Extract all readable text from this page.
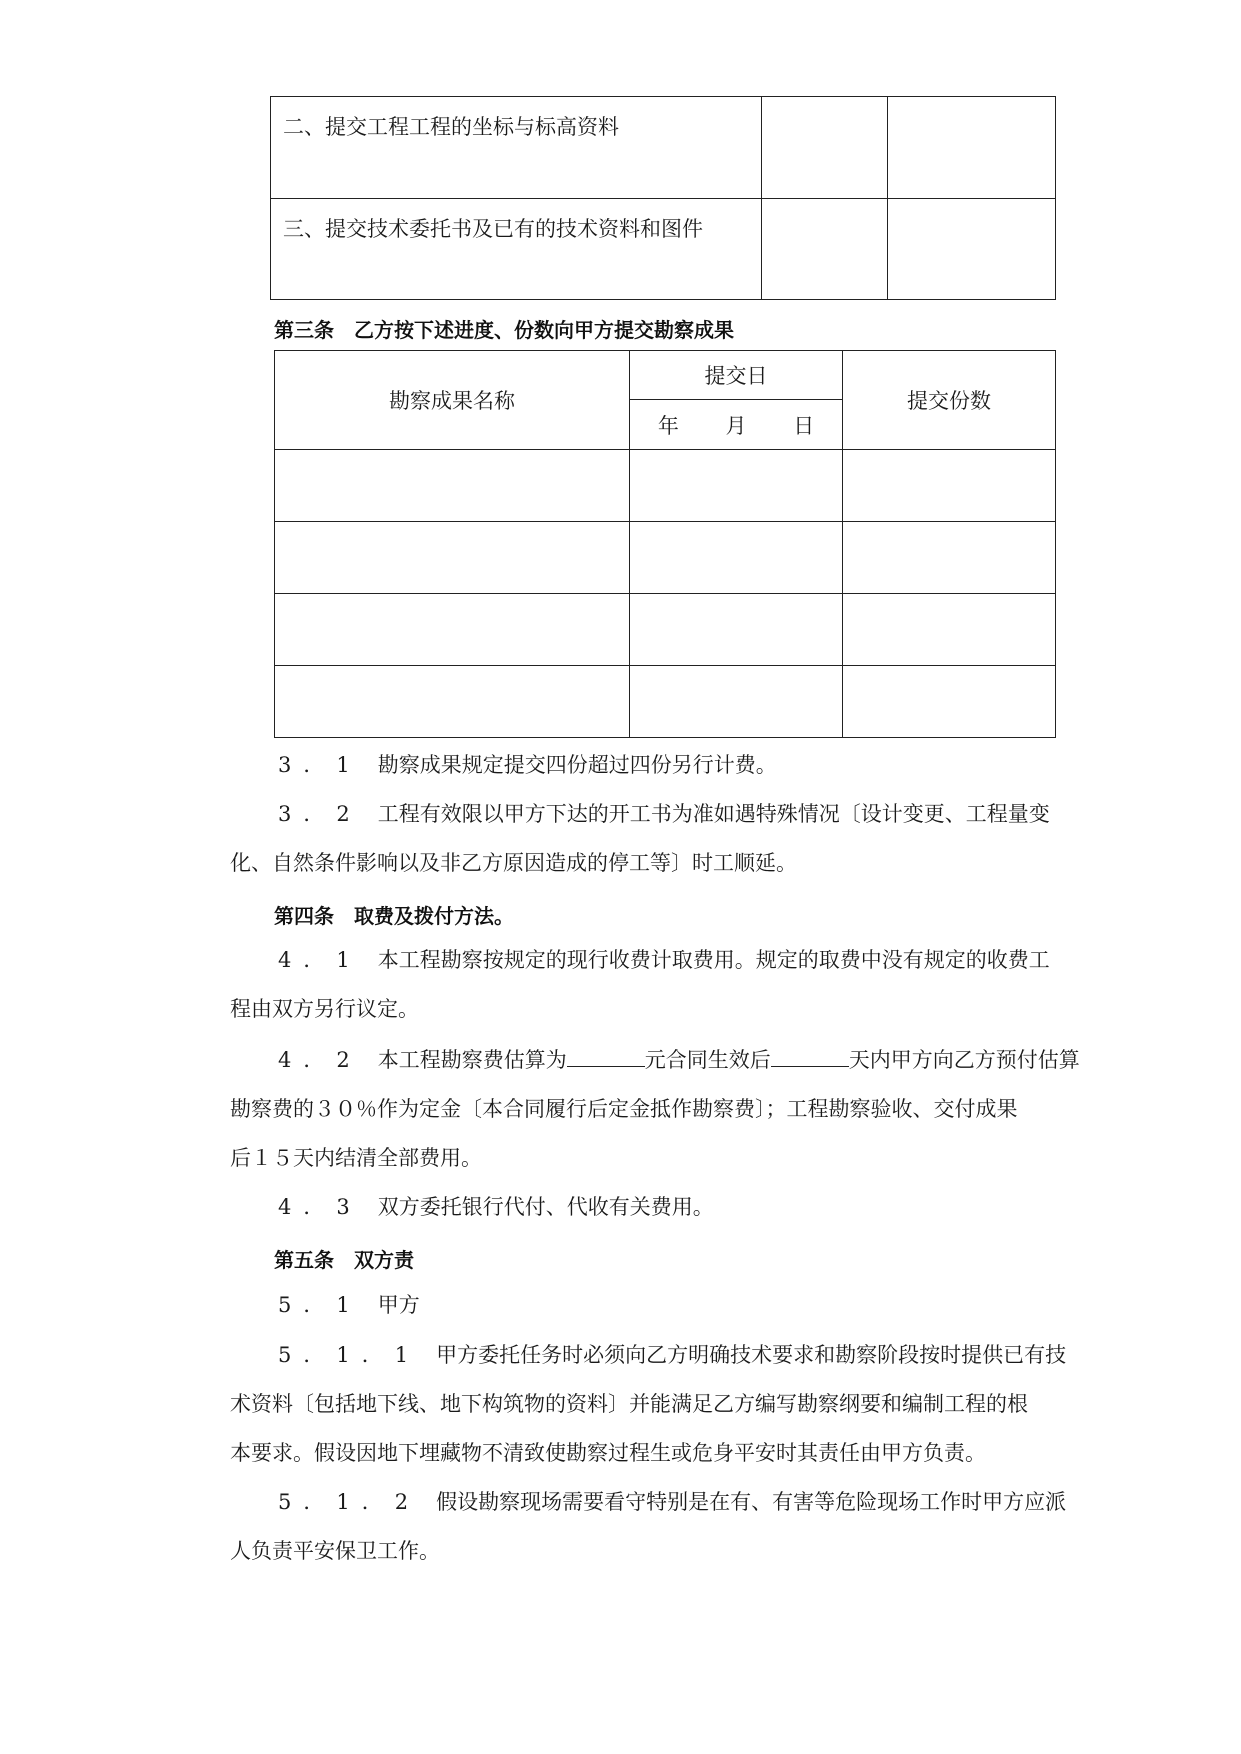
二、提交工程工程的坐标与标高资料		
三、提交技术委托书及已有的技术资料和图件		
第三条　乙方按下述进度、份数向甲方提交勘察成果
勘察成果名称	提交日	提交份数
	年 月 日	

3．1 勘察成果规定提交四份超过四份另行计费。
3．2 工程有效限以甲方下达的开工书为准如遇特殊情况〔设计变更、工程量变
化、自然条件影响以及非乙方原因造成的停工等〕时工顺延。
第四条　取费及拨付方法。
4．1 本工程勘察按规定的现行收费计取费用。规定的取费中没有规定的收费工
程由双方另行议定。
4．2 本工程勘察费估算为	元合同生效后	天内甲方向乙方预付估算
勘察费的３０％作为定金〔本合同履行后定金抵作勘察费〕；工程勘察验收、交付成果
后１５天内结清全部费用。
4．3 双方委托银行代付、代收有关费用。
第五条　双方责
5．1 甲方
5．1．1 甲方委托任务时必须向乙方明确技术要求和勘察阶段按时提供已有技
术资料〔包括地下线、地下构筑物的资料〕并能满足乙方编写勘察纲要和编制工程的根
本要求。假设因地下埋藏物不清致使勘察过程生或危身平安时其责任由甲方负责。
5．1．2 假设勘察现场需要看守特别是在有、有害等危险现场工作时甲方应派
人负责平安保卫工作。
